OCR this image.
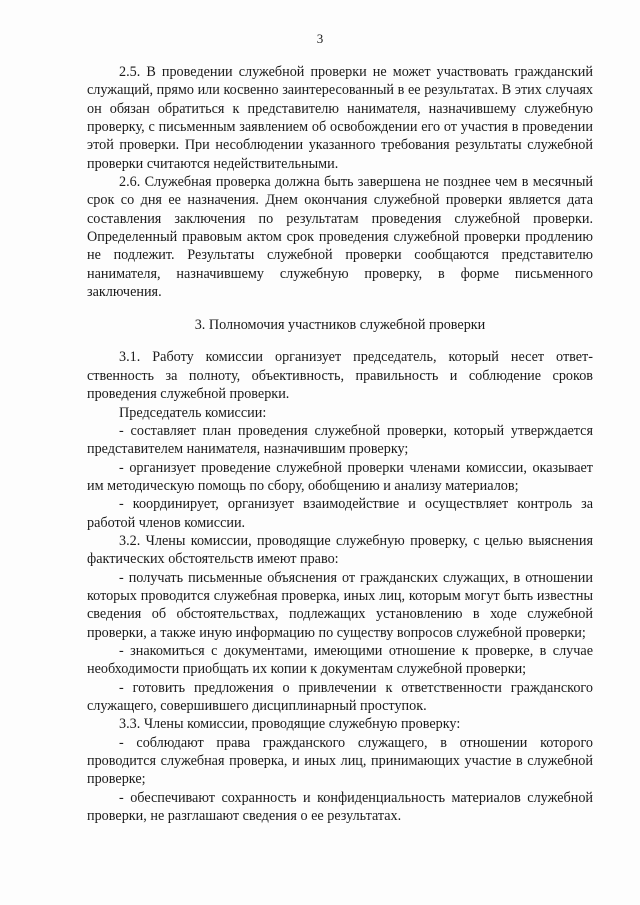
3

2.5. В проведении служебной проверки не может участвовать гражданский служащий, прямо или косвенно заинтересованный в ее результатах. В этих случаях он обязан обратиться к представителю нанимателя, назначившему служебную проверку, с письменным заявлением об освобождении его от участия в проведении этой проверки. При несоблюдении указанного требования результаты служебной проверки считаются недействительными.

2.6. Служебная проверка должна быть завершена не позднее чем в месячный срок со дня ее назначения. Днем окончания служебной проверки является дата составления заключения по результатам проведения служебной проверки. Определенный правовым актом срок проведения служебной проверки продлению не подлежит. Результаты служебной проверки сообщаются представителю нанимателя, назначившему служебную проверку, в форме письменного заключения.

3. Полномочия участников служебной проверки

3.1. Работу комиссии организует председатель, который несет ответственность за полноту, объективность, правильность и соблюдение сроков проведения служебной проверки.

Председатель комиссии:

- составляет план проведения служебной проверки, который утверждается представителем нанимателя, назначившим проверку;

- организует проведение служебной проверки членами комиссии, оказывает им методическую помощь по сбору, обобщению и анализу материалов;

- координирует, организует взаимодействие и осуществляет контроль за работой членов комиссии.

3.2. Члены комиссии, проводящие служебную проверку, с целью выяснения фактических обстоятельств имеют право:

- получать письменные объяснения от гражданских служащих, в отношении которых проводится служебная проверка, иных лиц, которым могут быть известны сведения об обстоятельствах, подлежащих установлению в ходе служебной проверки, а также иную информацию по существу вопросов служебной проверки;

- знакомиться с документами, имеющими отношение к проверке, в случае необходимости приобщать их копии к документам служебной проверки;

- готовить предложения о привлечении к ответственности гражданского служащего, совершившего дисциплинарный проступок.

3.3. Члены комиссии, проводящие служебную проверку:

- соблюдают права гражданского служащего, в отношении которого проводится служебная проверка, и иных лиц, принимающих участие в служебной проверке;

- обеспечивают сохранность и конфиденциальность материалов служебной проверки, не разглашают сведения о ее результатах.
